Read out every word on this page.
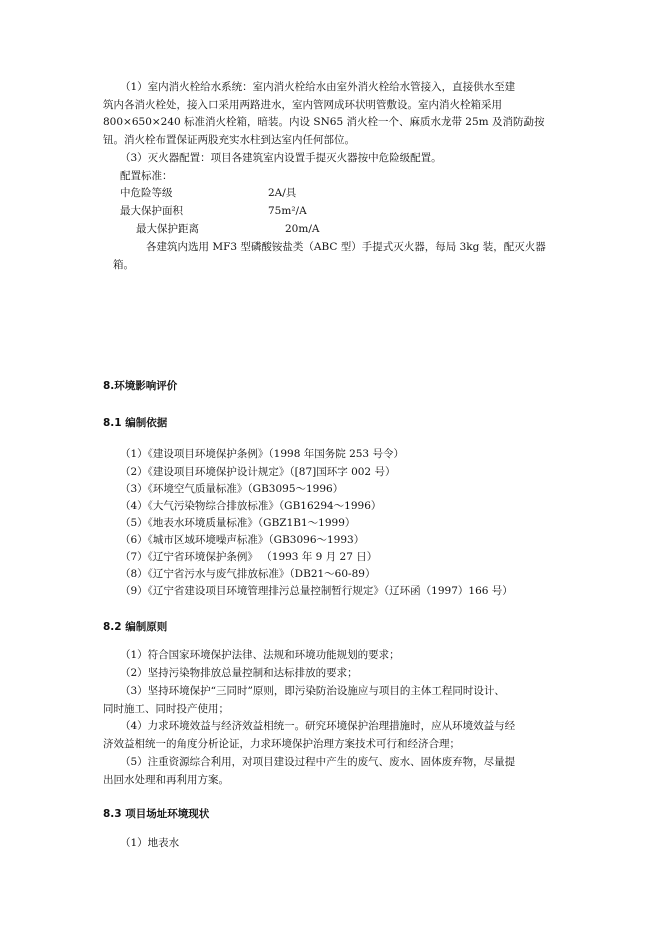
（1）室内消火栓给水系统：室内消火栓给水由室外消火栓给水管接入，直接供水至建
筑内各消火栓处，接入口采用两路进水，室内管网成环状明管敷设。室内消火栓箱采用
800×650×240 标准消火栓箱，暗装。内设 SN65 消火栓一个、麻质水龙带 25m 及消防勐按
钮。消火栓布置保证两股充实水柱到达室内任何部位。
（3）灭火器配置：项目各建筑室内设置手提灭火器按中危险级配置。
配置标准：
中危险等级	2A/具
最大保护面积	75m²/A
最大保护距离	20m/A
各建筑内选用 MF3 型磷酸铵盐类（ABC 型）手提式灭火器，每局 3kg 装，配灭火器
箱。
8.环境影响评价
8.1 编制依据
（1）《建设项目环境保护条例》（1998 年国务院 253 号令）
（2）《建设项目环境保护设计规定》（[87]国环字 002 号）
（3）《环境空气质量标准》（GB3095～1996）
（4）《大气污染物综合排放标准》（GB16294～1996）
（5）《地表水环境质量标准》（GBZ1B1～1999）
（6）《城市区域环境噪声标准》（GB3096～1993）
（7）《辽宁省环境保护条例》 （1993 年 9 月 27 日）
（8）《辽宁省污水与废气排放标准》（DB21～60-89）
（9）《辽宁省建设项目环境管理排污总量控制暂行规定》（辽环函（1997）166 号）
8.2 编制原则
（1）符合国家环境保护法律、法规和环境功能规划的要求；
（2）坚持污染物排放总量控制和达标排放的要求；
（3）坚持环境保护“三同时”原则，即污染防治设施应与项目的主体工程同时设计、
同时施工、同时投产使用；
（4）力求环境效益与经济效益相统一。研究环境保护治理措施时，应从环境效益与经
济效益相统一的角度分析论证，力求环境保护治理方案技术可行和经济合理；
（5）注重资源综合利用，对项目建设过程中产生的废气、废水、固体废弃物，尽量提
出回水处理和再利用方案。
8.3 项目场址环境现状
（1）地表水
